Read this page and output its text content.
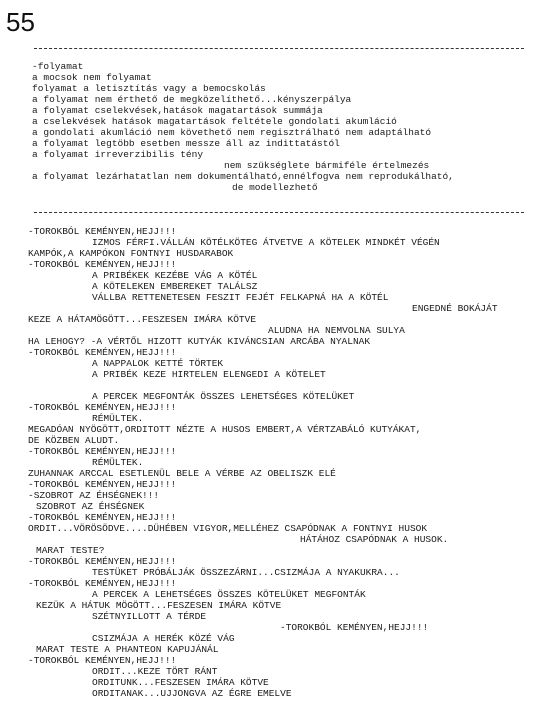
55
-folyamat
a mocsok nem folyamat
folyamat a letisztítás vagy a bemocskolás
a folyamat nem érthető de megközelíthető...kényszerpálya
a folyamat cselekvések,hatások magatartások summája
a cselekvések hatások magatartások feltétele gondolati akumláció
a gondolati akumláció nem követhető nem regisztrálható nem adaptálható
a folyamat legtöbb esetben messze áll az indittatástól
a folyamat irreverzibilis tény
nem szükséglete bármiféle értelmezés
a folyamat lezárhatatlan nem dokumentálható,ennélfogva nem reprodukálható,
de modellezhető
-TOROKBÓL KEMÉNYEN,HEJJ!!!
IZMOS FÉRFI.VÁLLÁN KÖTÉLKÖTEG ÁTVETVE A KÖTELEK MINDKÉT VÉGÉN
KAMPÓK,A KAMPÓKON FONTNYI HUSDARABOK
-TOROKBÓL KEMÉNYEN,HEJJ!!!
A PRIBÉKEK KEZÉBE VÁG A KÖTÉL
A KÖTELEKEN EMBEREKET TALÁLSZ
VÁLLBA RETTENETESEN FESZIT FEJÉT FELKAPNÁ HA A KÖTÉL
ENGEDNÉ BOKÁJÁT
KEZE A HÁTAMÖGÖTT...FESZESEN IMÁRA KÖTVE
ALUDNA HA NEMVOLNA SULYA
HA LEHOGY? -A VÉRTŐL HIZOTT KUTYÁK KIVÁNCSIAN ARCÁBA NYALNAK
-TOROKBÓL KEMÉNYEN,HEJJ!!!
A NAPPALOK KETTÉ TÖRTEK
A PRIBÉK KEZE HIRTELEN ELENGEDI A KÖTELET
A PERCEK MEGFONTÁK ÖSSZES LEHETSÉGES KÖTELÜKET
-TOROKBÓL KEMÉNYEN,HEJJ!!!
RÉMÜLTEK.
MEGADÓAN NYÖGÖTT,ORDITOTT NÉZTE A HUSOS EMBERT,A VÉRTZABÁLÓ KUTYÁKAT,
DE KÖZBEN ALUDT.
-TOROKBÓL KEMÉNYEN,HEJJ!!!
RÉMÜLTEK.
ZUHANNAK ARCCAL ESETLENÜL BELE A VÉRBE AZ OBELISZK ELÉ
-TOROKBÓL KEMÉNYEN,HEJJ!!!
-SZOBROT AZ ÉHSÉGNEK!!!
SZOBROT AZ ÉHSÉGNEK
-TOROKBÓL KEMÉNYEN,HEJJ!!!
ORDIT...VÖRÖSÖDVE....DÜHÉBEN VIGYOR,MELLÉHEZ CSAPÓDNAK A FONTNYI HUSOK
HÁTÁHOZ CSAPÓDNAK A HUSOK.
MARAT TESTE?
-TOROKBÓL KEMÉNYEN,HEJJ!!!
TESTÜKET PRÓBÁLJÁK ÖSSZEZÁRNI...CSIZMÁJA A NYAKUKRA...
-TOROKBÓL KEMÉNYEN,HEJJ!!!
A PERCEK A LEHETSÉGES ÖSSZES KÖTELÜKET MEGFONTÁK
KEZÜK A HÁTUK MÖGÖTT...FESZESEN IMÁRA KÖTVE
SZÉTNYILLOTT A TÉRDE
-TOROKBÓL KEMÉNYEN,HEJJ!!!
CSIZMÁJA A HERÉK KÖZÉ VÁG
MARAT TESTE A PHANTEON KAPUJÁNÁL
-TOROKBÓL KEMÉNYEN,HEJJ!!!
ORDIT...KEZE TÖRT RÁNT
ORDITUNK...FESZESEN IMÁRA KÖTVE
ORDITANAK...UJJONGVA AZ ÉGRE EMELVE
